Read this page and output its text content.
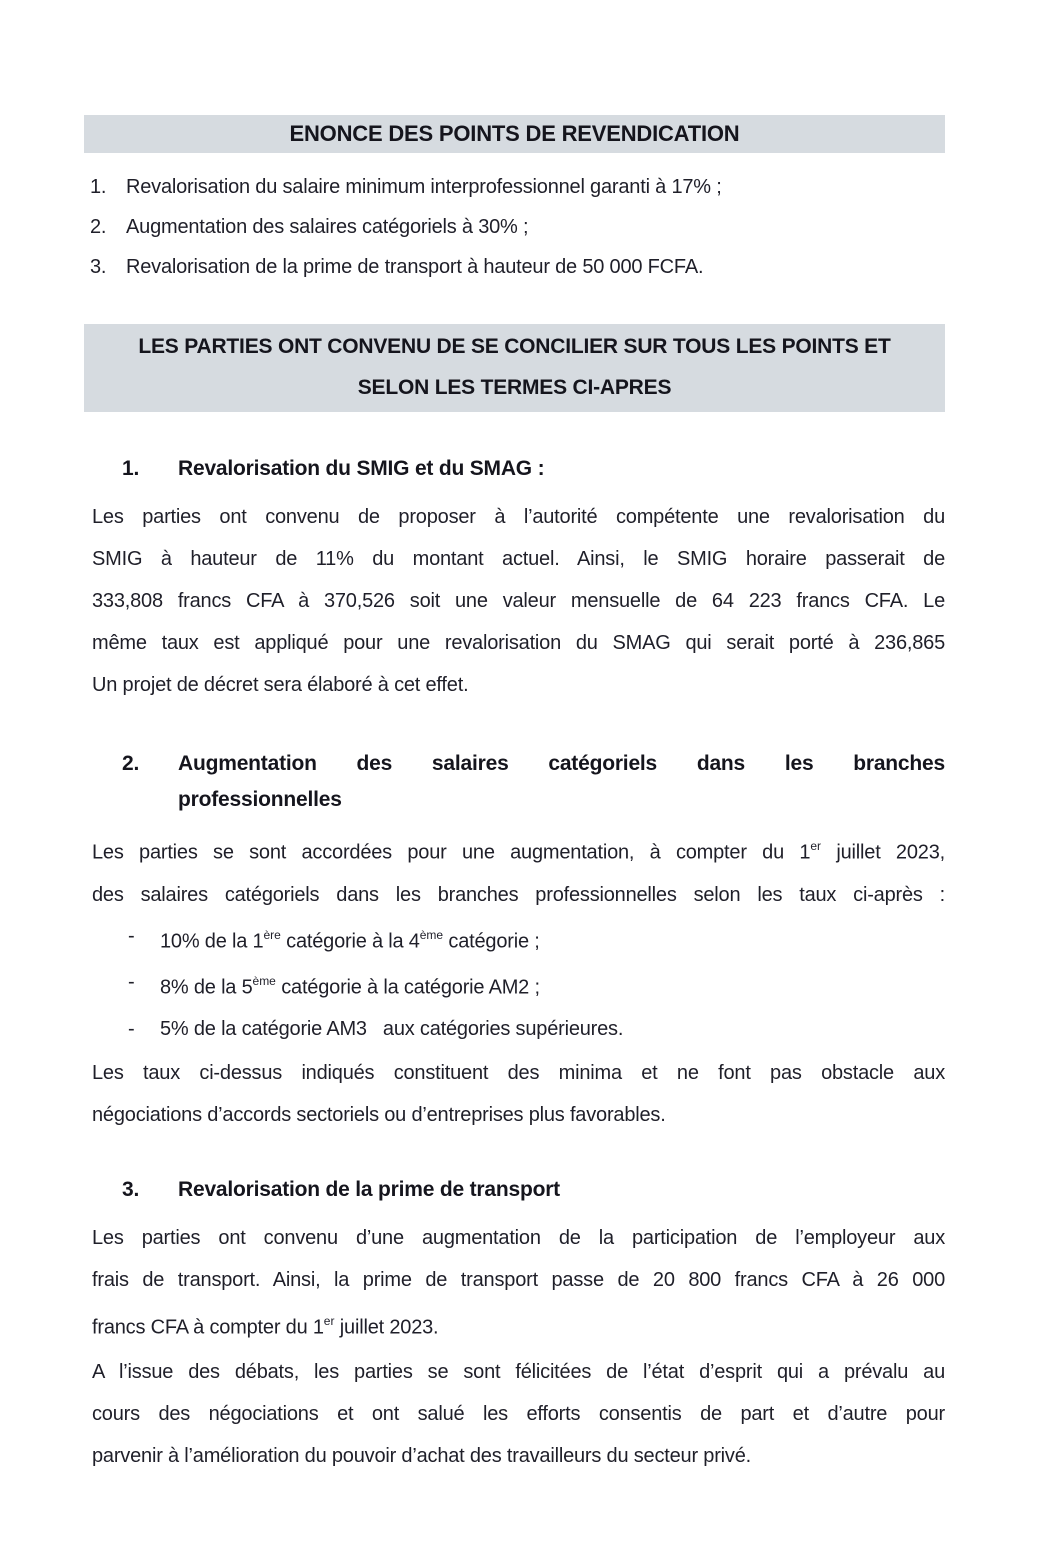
ENONCE DES POINTS DE REVENDICATION
1. Revalorisation du salaire minimum interprofessionnel garanti à 17% ;
2. Augmentation des salaires catégoriels à 30% ;
3. Revalorisation de la prime de transport à hauteur de 50 000 FCFA.
LES PARTIES ONT CONVENU DE SE CONCILIER SUR TOUS LES POINTS ET
SELON LES TERMES CI-APRES
1.	Revalorisation du SMIG et du SMAG :
Les parties ont convenu de proposer à l’autorité compétente une revalorisation du
SMIG à hauteur de 11% du montant actuel. Ainsi, le SMIG horaire passerait de
333,808 francs CFA à 370,526 soit une valeur mensuelle de 64 223 francs CFA. Le
même taux est appliqué pour une revalorisation du SMAG qui serait porté à 236,865
Un projet de décret sera élaboré à cet effet.
2.	Augmentation des salaires catégoriels dans les branches
professionnelles
Les parties se sont accordées pour une augmentation, à compter du 1er juillet 2023,
des salaires catégoriels dans les branches professionnelles selon les taux ci-après :
-	10% de la 1ère catégorie à la 4ème catégorie ;
-	8% de la 5ème catégorie à la catégorie AM2 ;
-	5% de la catégorie AM3   aux catégories supérieures.
Les taux ci-dessus indiqués constituent des minima et ne font pas obstacle aux
négociations d’accords sectoriels ou d’entreprises plus favorables.
3.	Revalorisation de la prime de transport
Les parties ont convenu d’une augmentation de la participation de l’employeur aux
frais de transport. Ainsi, la prime de transport passe de 20 800 francs CFA à 26 000
francs CFA à compter du 1er juillet 2023.
A l’issue des débats, les parties se sont félicitées de l’état d’esprit qui a prévalu au
cours des négociations et ont salué les efforts consentis de part et d’autre pour
parvenir à l’amélioration du pouvoir d’achat des travailleurs du secteur privé.
